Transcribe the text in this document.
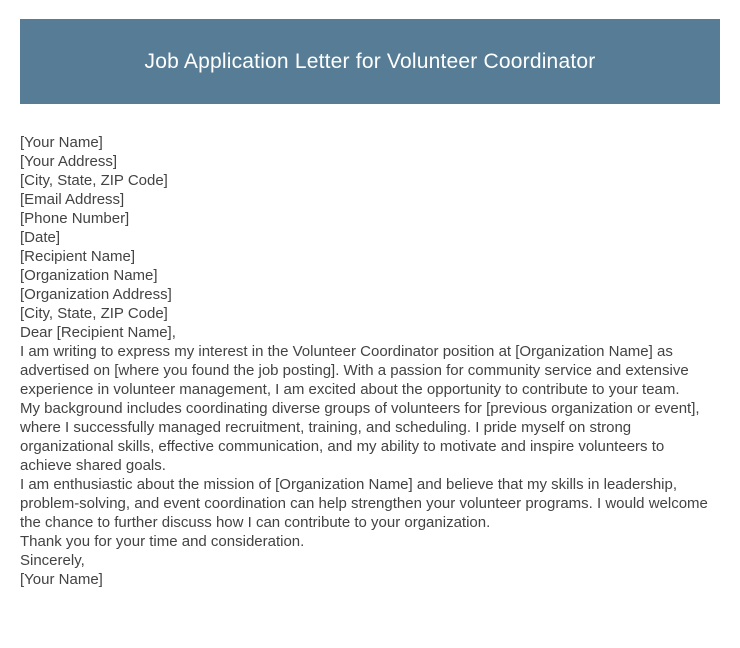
Job Application Letter for Volunteer Coordinator
[Your Name]
[Your Address]
[City, State, ZIP Code]
[Email Address]
[Phone Number]
[Date]
[Recipient Name]
[Organization Name]
[Organization Address]
[City, State, ZIP Code]
Dear [Recipient Name],
I am writing to express my interest in the Volunteer Coordinator position at [Organization Name] as advertised on [where you found the job posting]. With a passion for community service and extensive experience in volunteer management, I am excited about the opportunity to contribute to your team.
My background includes coordinating diverse groups of volunteers for [previous organization or event], where I successfully managed recruitment, training, and scheduling. I pride myself on strong organizational skills, effective communication, and my ability to motivate and inspire volunteers to achieve shared goals.
I am enthusiastic about the mission of [Organization Name] and believe that my skills in leadership, problem-solving, and event coordination can help strengthen your volunteer programs. I would welcome the chance to further discuss how I can contribute to your organization.
Thank you for your time and consideration.
Sincerely,
[Your Name]
